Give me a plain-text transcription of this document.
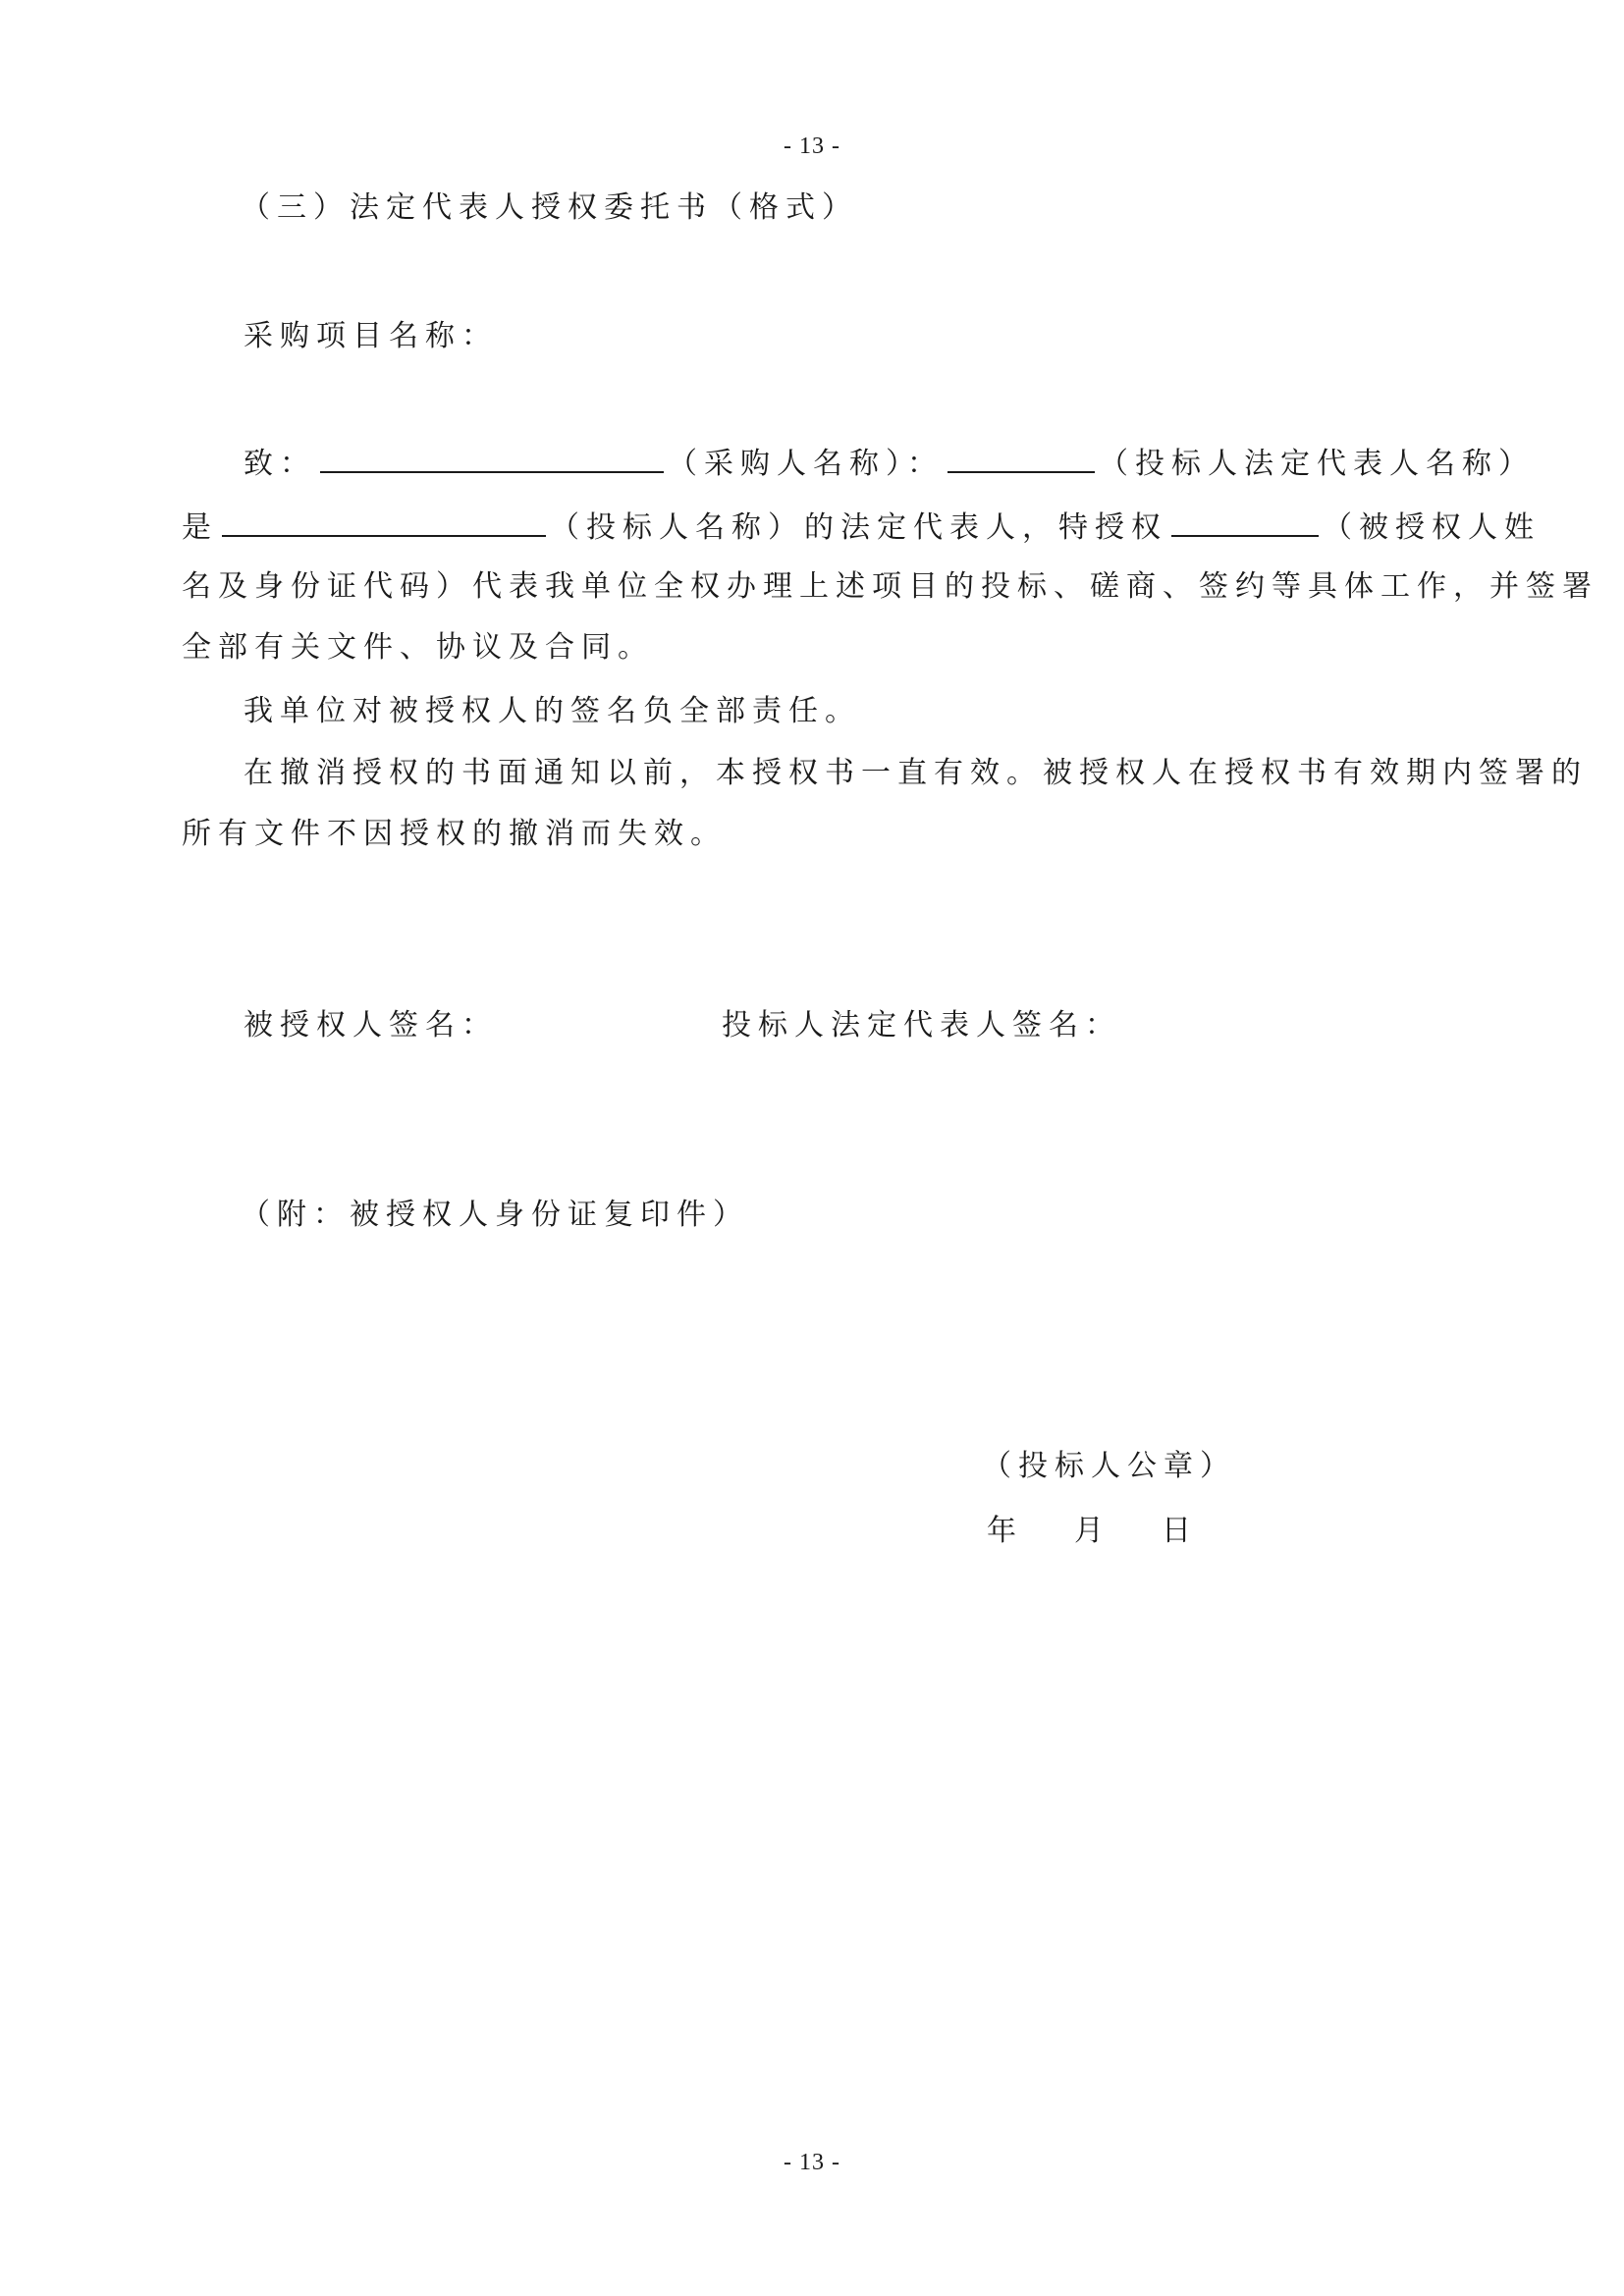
- 13 -
（三）法定代表人授权委托书（格式）
采购项目名称：
致：	（采购人名称）：	（投标人法定代表人名称）
是	（投标人名称）的法定代表人，特授权	（被授权人姓
名及身份证代码）代表我单位全权办理上述项目的投标、磋商、签约等具体工作，并签署
全部有关文件、协议及合同。
我单位对被授权人的签名负全部责任。
在撤消授权的书面通知以前，本授权书一直有效。被授权人在授权书有效期内签署的
所有文件不因授权的撤消而失效。
被授权人签名：	投标人法定代表人签名：
（附：被授权人身份证复印件）
（投标人公章）
年 月 日
- 13 -
